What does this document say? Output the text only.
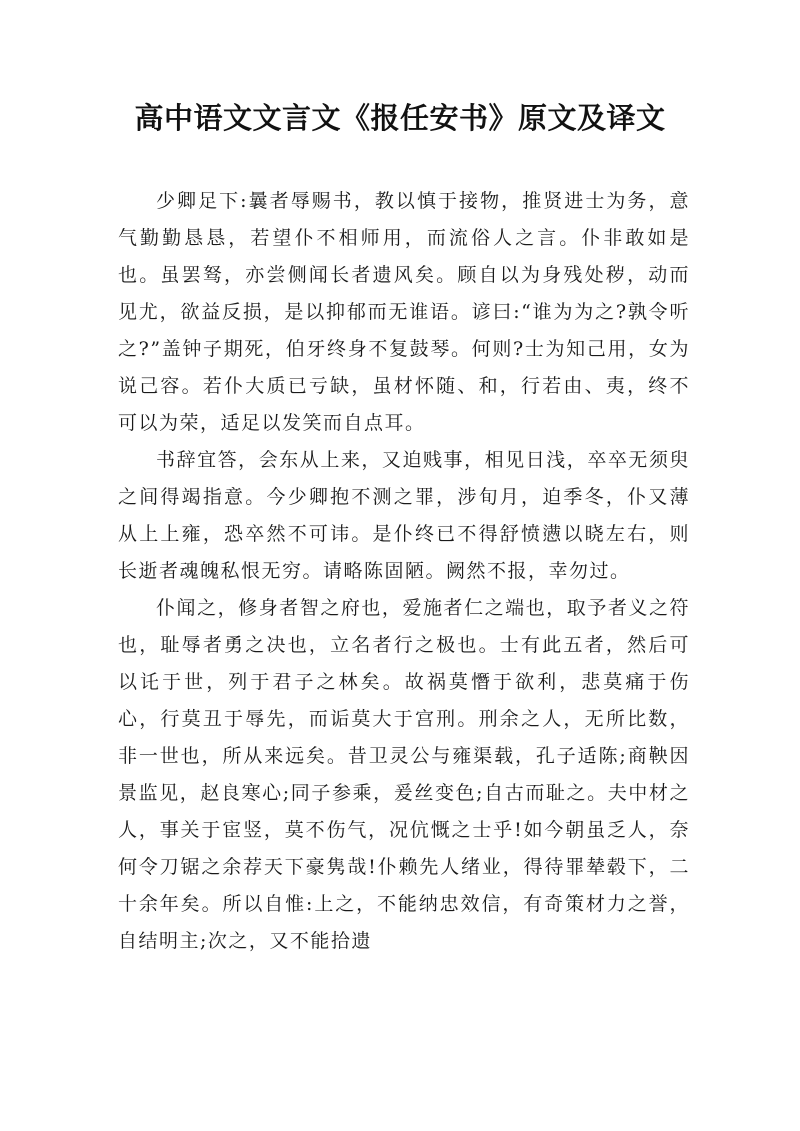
高中语文文言文《报任安书》原文及译文

少卿足下:曩者辱赐书，教以慎于接物，推贤进士为务，意气勤勤恳恳，若望仆不相师用，而流俗人之言。仆非敢如是也。虽罢驽，亦尝侧闻长者遗风矣。顾自以为身残处秽，动而见尤，欲益反损，是以抑郁而无谁语。谚曰:“谁为为之?孰令听之?”盖钟子期死，伯牙终身不复鼓琴。何则?士为知己用，女为说己容。若仆大质已亏缺，虽材怀随、和，行若由、夷，终不可以为荣，适足以发笑而自点耳。

书辞宜答，会东从上来，又迫贱事，相见日浅，卒卒无须臾之间得竭指意。今少卿抱不测之罪，涉旬月，迫季冬，仆又薄从上上雍，恐卒然不可讳。是仆终已不得舒愤懑以晓左右，则长逝者魂魄私恨无穷。请略陈固陋。阙然不报，幸勿过。

仆闻之，修身者智之府也，爱施者仁之端也，取予者义之符也，耻辱者勇之决也，立名者行之极也。士有此五者，然后可以讬于世，列于君子之林矣。故祸莫憯于欲利，悲莫痛于伤心，行莫丑于辱先，而诟莫大于宫刑。刑余之人，无所比数，非一世也，所从来远矣。昔卫灵公与雍渠载，孔子适陈;商鞅因景监见，赵良寒心;同子参乘，爰丝变色;自古而耻之。夫中材之人，事关于宦竖，莫不伤气，况伉慨之士乎!如今朝虽乏人，奈何令刀锯之余荐天下豪隽哉!仆赖先人绪业，得待罪辇毂下，二十余年矣。所以自惟:上之，不能纳忠效信，有奇策材力之誉，自结明主;次之，又不能拾遗
